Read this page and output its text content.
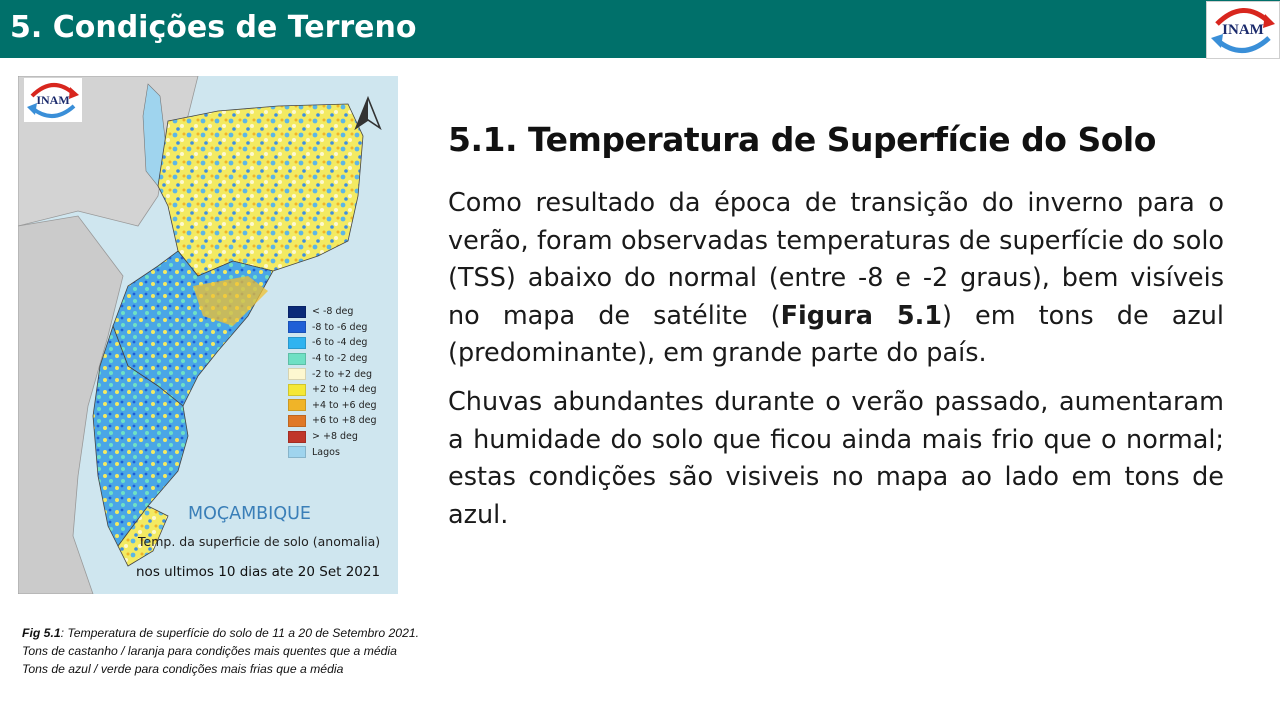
5. Condições de Terreno	INAM
INAM
< -8 deg
-8 to -6 deg
-6 to -4 deg
-4 to -2 deg
-2 to +2 deg
+2 to +4 deg
+4 to +6 deg
+6 to +8 deg
> +8 deg
Lagos
MOÇAMBIQUE
Temp. da superficie de solo (anomalia)
nos ultimos 10 dias ate 20 Set 2021
5.1. Temperatura de Superfície do Solo

Como resultado da época de transição do inverno para o verão, foram observadas temperaturas de superfície do solo (TSS) abaixo do normal (entre -8 e -2 graus), bem visíveis no mapa de satélite (Figura 5.1) em tons de azul (predominante), em grande parte do país.

Chuvas abundantes durante o verão passado, aumentaram a humidade do solo que ficou ainda mais frio que o normal; estas condições são visiveis no mapa ao lado em tons de azul.

Fig 5.1: Temperatura de superfície do solo de 11 a 20 de Setembro 2021.
Tons de castanho / laranja para condições mais quentes que a média
Tons de azul / verde para condições mais frias que a média
